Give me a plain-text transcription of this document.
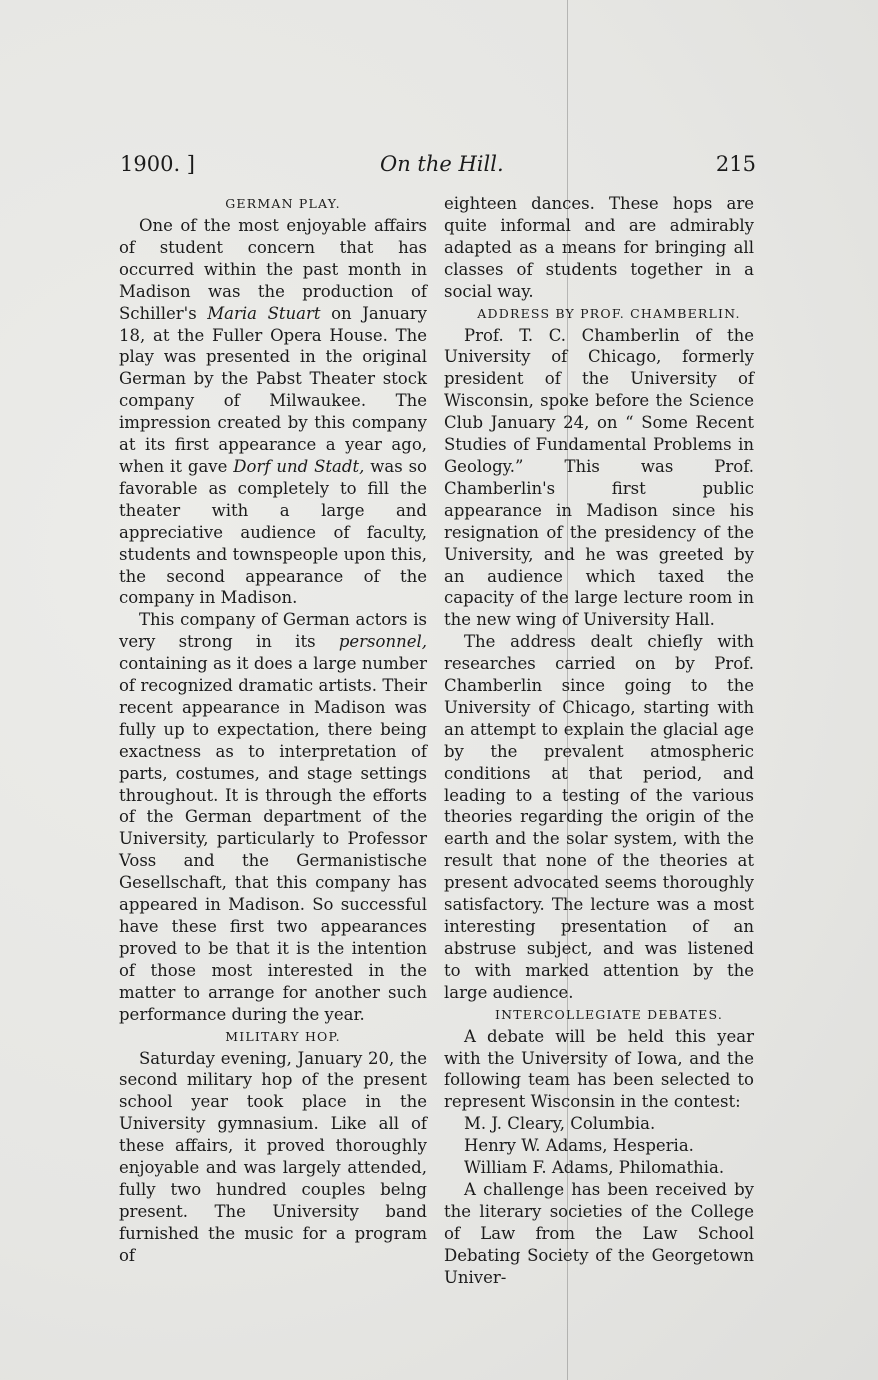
1900. ]	On the Hill.	215

GERMAN PLAY.

One of the most enjoyable affairs of student concern that has occurred within the past month in Madison was the production of Schiller's Maria Stuart on January 18, at the Fuller Opera House. The play was presented in the original German by the Pabst Theater stock company of Milwaukee. The impression created by this company at its first appearance a year ago, when it gave Dorf und Stadt, was so favorable as completely to fill the theater with a large and appreciative audience of faculty, students and townspeople upon this, the second appearance of the company in Madison.

This company of German actors is very strong in its personnel, containing as it does a large number of recognized dramatic artists. Their recent appearance in Madison was fully up to expectation, there being exactness as to interpretation of parts, costumes, and stage settings throughout. It is through the efforts of the German department of the University, particularly to Professor Voss and the Germanistische Gesellschaft, that this company has appeared in Madison. So successful have these first two appearances proved to be that it is the intention of those most interested in the matter to arrange for another such performance during the year.

MILITARY HOP.

Saturday evening, January 20, the second military hop of the present school year took place in the University gymnasium. Like all of these affairs, it proved thoroughly enjoyable and was largely attended, fully two hundred couples belng present. The University band furnished the music for a program of

eighteen dances. These hops are quite informal and are admirably adapted as a means for bringing all classes of students together in a social way.

ADDRESS BY PROF. CHAMBERLIN.

Prof. T. C. Chamberlin of the University of Chicago, formerly president of the University of Wisconsin, spoke before the Science Club January 24, on “ Some Recent Studies of Fundamental Problems in Geology.” This was Prof. Chamberlin's first public appearance in Madison since his resignation of the presidency of the University, and he was greeted by an audience which taxed the capacity of the large lecture room in the new wing of University Hall.

The address dealt chiefly with researches carried on by Prof. Chamberlin since going to the University of Chicago, starting with an attempt to explain the glacial age by the prevalent atmospheric conditions at that period, and leading to a testing of the various theories regarding the origin of the earth and the solar system, with the result that none of the theories at present advocated seems thoroughly satisfactory. The lecture was a most interesting presentation of an abstruse subject, and was listened to with marked attention by the large audience.

INTERCOLLEGIATE DEBATES.

A debate will be held this year with the University of Iowa, and the following team has been selected to represent Wisconsin in the contest:

M. J. Cleary, Columbia.
Henry W. Adams, Hesperia.
William F. Adams, Philomathia.

A challenge has been received by the literary societies of the College of Law from the Law School Debating Society of the Georgetown Univer-
